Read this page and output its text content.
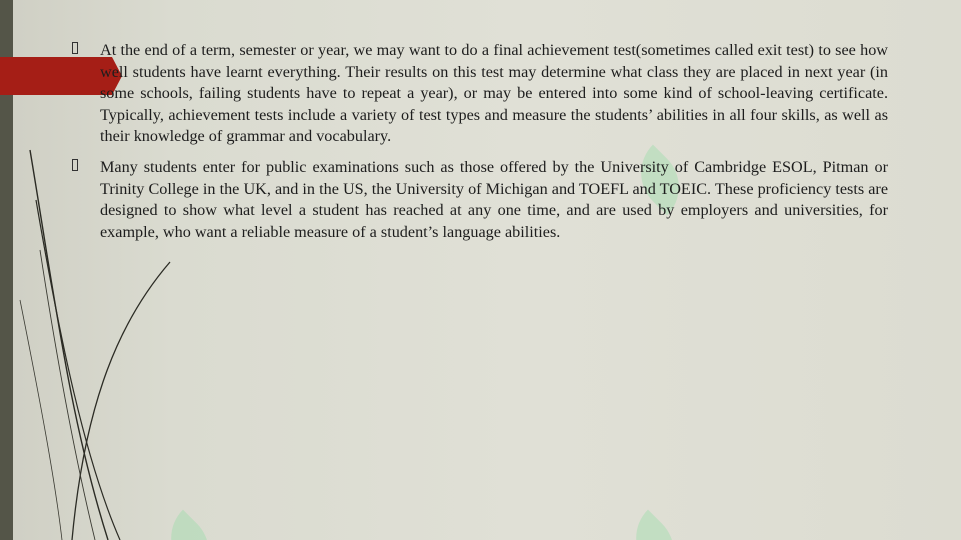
At the end of a term, semester or year, we may want to do a final achievement test(sometimes called exit test) to see how well students have learnt everything. Their results on this test may determine what class they are placed in next year (in some schools, failing students have to repeat a year), or may be entered into some kind of school-leaving certificate. Typically, achievement tests include a variety of test types and measure the students’ abilities in all four skills, as well as their knowledge of grammar and vocabulary.

Many students enter for public examinations such as those offered by the University of Cambridge ESOL, Pitman or Trinity College in the UK, and in the US, the University of Michigan and TOEFL and TOEIC. These proficiency tests are designed to show what level a student has reached at any one time, and are used by employers and universities, for example, who want a reliable measure of a student’s language abilities.
